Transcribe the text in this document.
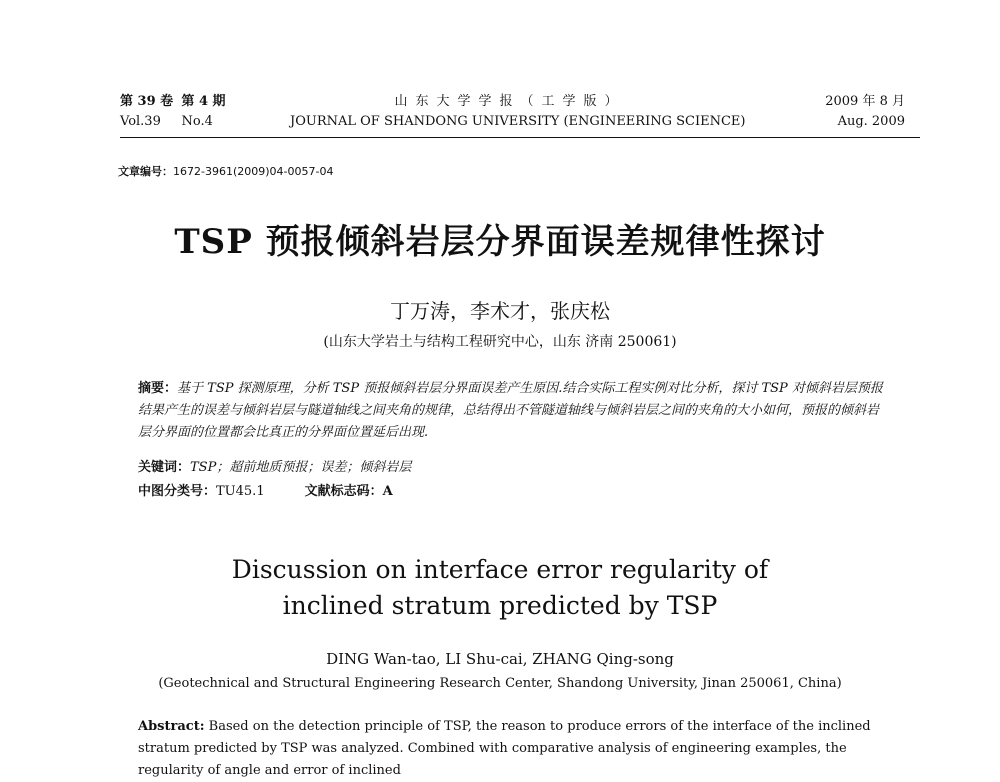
第 39 卷 第 4 期
Vol.39 No.4
山东大学学报（工学版）
JOURNAL OF SHANDONG UNIVERSITY (ENGINEERING SCIENCE)
2009 年 8 月
Aug. 2009
文章编号：1672-3961(2009)04-0057-04
TSP 预报倾斜岩层分界面误差规律性探讨
丁万涛，李术才，张庆松
(山东大学岩土与结构工程研究中心，山东 济南 250061)
摘要：基于 TSP 探测原理，分析 TSP 预报倾斜岩层分界面误差产生原因.结合实际工程实例对比分析，探讨 TSP 对倾斜岩层预报结果产生的误差与倾斜岩层与隧道轴线之间夹角的规律，总结得出不管隧道轴线与倾斜岩层之间的夹角的大小如何，预报的倾斜岩层分界面的位置都会比真正的分界面位置延后出现.
关键词：TSP；超前地质预报；误差；倾斜岩层
中图分类号：TU45.1	文献标志码：A
Discussion on interface error regularity of inclined stratum predicted by TSP
DING Wan-tao, LI Shu-cai, ZHANG Qing-song
(Geotechnical and Structural Engineering Research Center, Shandong University, Jinan 250061, China)
Abstract: Based on the detection principle of TSP, the reason to produce errors of the interface of the inclined stratum predicted by TSP was analyzed. Combined with comparative analysis of engineering examples, the regularity of angle and error of inclined
